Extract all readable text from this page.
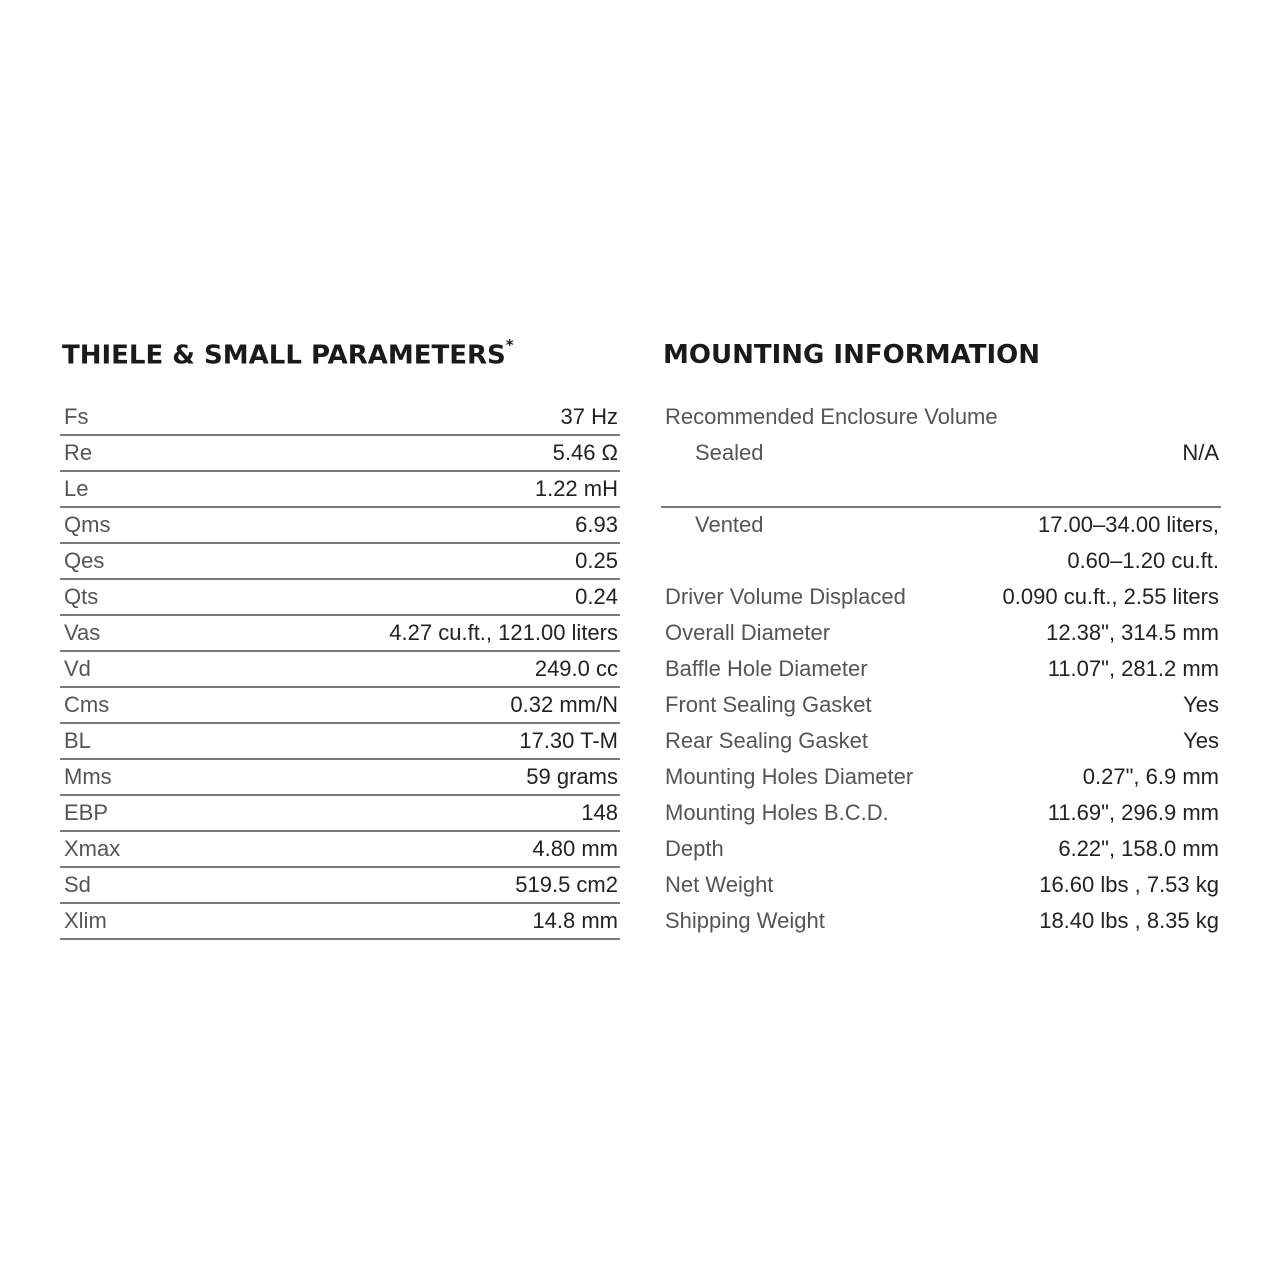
THIELE & SMALL PARAMETERS*	MOUNTING INFORMATION
Fs	37 Hz
Re	5.46 Ω
Le	1.22 mH
Qms	6.93
Qes	0.25
Qts	0.24
Vas	4.27 cu.ft., 121.00 liters
Vd	249.0 cc
Cms	0.32 mm/N
BL	17.30 T-M
Mms	59 grams
EBP	148
Xmax	4.80 mm
Sd	519.5 cm2
Xlim	14.8 mm
Recommended Enclosure Volume
Sealed	N/A
Vented	17.00–34.00 liters,
0.60–1.20 cu.ft.
Driver Volume Displaced	0.090 cu.ft., 2.55 liters
Overall Diameter	12.38", 314.5 mm
Baffle Hole Diameter	11.07", 281.2 mm
Front Sealing Gasket	Yes
Rear Sealing Gasket	Yes
Mounting Holes Diameter	0.27", 6.9 mm
Mounting Holes B.C.D.	11.69", 296.9 mm
Depth	6.22", 158.0 mm
Net Weight	16.60 lbs , 7.53 kg
Shipping Weight	18.40 lbs , 8.35 kg
